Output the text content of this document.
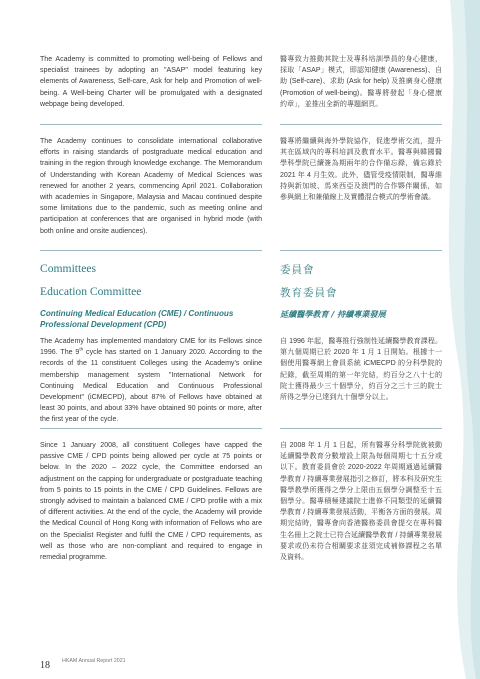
The Academy is committed to promoting well-being of Fellows and specialist trainees by adopting an "ASAP" model featuring key elements of Awareness, Self-care, Ask for help and Promotion of well-being. A Well-being Charter will be promulgated with a designated webpage being developed.
醫專致力推動其院士及專科培訓學員的身心健康，採取「ASAP」模式，即認知健康 (Awareness)、自助 (Self-care)、求助 (Ask for help) 及推廣身心健康 (Promotion of well-being)。醫專將發起「身心健康約章」，並推出全新的專題網頁。
The Academy continues to consolidate international collaborative efforts in raising standards of postgraduate medical education and training in the region through knowledge exchange. The Memorandum of Understanding with Korean Academy of Medical Sciences was renewed for another 2 years, commencing April 2021. Collaboration with academies in Singapore, Malaysia and Macau continued despite some limitations due to the pandemic, such as meeting online and participation at conferences that are organised in hybrid mode (with both online and onsite audiences).
醫專將繼續與海外學院協作，促進學術交流，提升其在區域內的專科培訓及教育水平。醫專與韓國醫學科學院已續簽為期兩年的合作備忘錄，備忘錄於 2021 年 4 月生效。此外，儘管受疫情限制，醫專維持與新加坡、馬來西亞及澳門的合作夥伴關係，如參與網上和兼備線上及實體混合模式的學術會議。
Committees	委員會
Education Committee	教育委員會
Continuing Medical Education (CME) / Continuous Professional Development (CPD)
延續醫學教育 / 持續專業發展
The Academy has implemented mandatory CME for its Fellows since 1996. The 9th cycle has started on 1 January 2020. According to the records of the 11 constituent Colleges using the Academy's online membership management system "International Network for Continuing Medical Education and Continuous Professional Development" (iCMECPD), about 87% of Fellows have obtained at least 30 points, and about 33% have obtained 90 points or more, after the first year of the cycle.
自 1996 年起，醫專推行強制性延續醫學教育課程。第九個周期已於 2020 年 1 月 1 日開始。根據十一個使用醫專網上會員系統 iCMECPD 的分科學院的紀錄，截至周期的第一年完結，約百分之八十七的院士獲得最少三十個學分，約百分之三十三的院士所得之學分已達到九十個學分以上。
Since 1 January 2008, all constituent Colleges have capped the passive CME / CPD points being allowed per cycle at 75 points or below. In the 2020 – 2022 cycle, the Committee endorsed an adjustment on the capping for undergraduate or postgraduate teaching from 5 points to 15 points in the CME / CPD Guidelines. Fellows are strongly advised to maintain a balanced CME / CPD profile with a mix of different activities. At the end of the cycle, the Academy will provide the Medical Council of Hong Kong with information of Fellows who are on the Specialist Register and fulfil the CME / CPD requirements, as well as those who are non-compliant and required to engage in remedial programme.
自 2008 年 1 月 1 日起，所有醫專分科學院就被動延續醫學教育分數增設上限為每個周期七十五分或以下。教育委員會於 2020-2022 年周期通過延續醫學教育 / 持續專業發展指引之修訂，將本科及研究生醫學教學所獲得之學分上限由五個學分調整至十五個學分。醫專積極建議院士進修不同類型的延續醫學教育 / 持續專業發展活動，平衡各方面的發展。周期完結時，醫專會向香港醫務委員會提交在專科醫生名冊上之院士已符合延續醫學教育 / 持續專業發展要求或仍未符合相關要求並須完成補修課程之名單及資料。
18 HKAM Annual Report 2021
